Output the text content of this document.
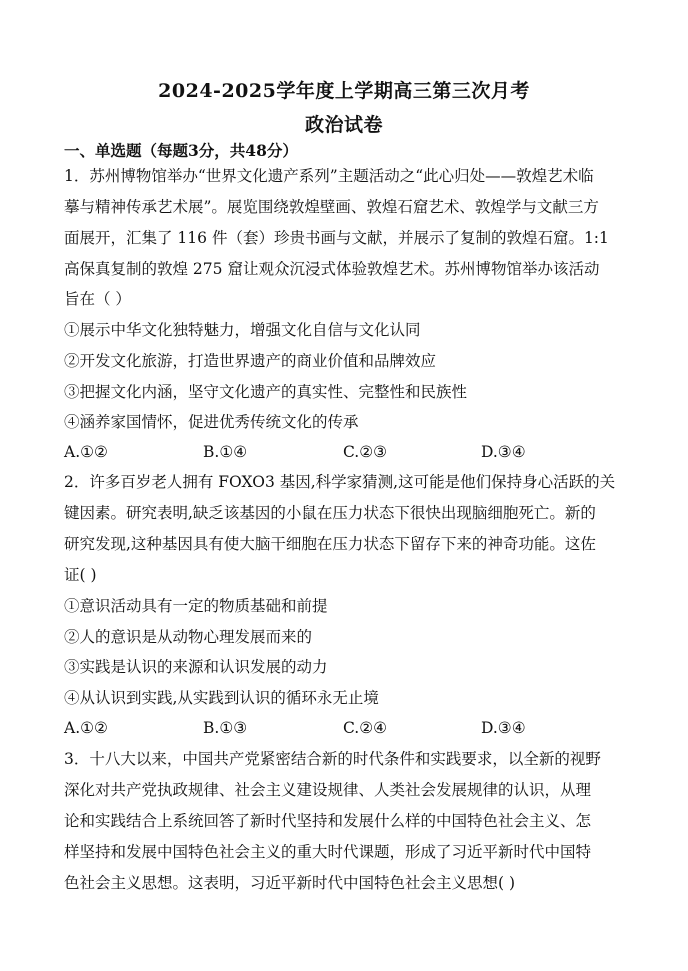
2024-2025学年度上学期高三第三次月考
政治试卷
一、单选题（每题3分，共48分）
1．苏州博物馆举办“世界文化遗产系列”主题活动之“此心归处——敦煌艺术临
摹与精神传承艺术展”。展览围绕敦煌壁画、敦煌石窟艺术、敦煌学与文献三方
面展开，汇集了 116 件（套）珍贵书画与文献，并展示了复制的敦煌石窟。1:1
高保真复制的敦煌 275 窟让观众沉浸式体验敦煌艺术。苏州博物馆举办该活动
旨在（ ）
①展示中华文化独特魅力，增强文化自信与文化认同
②开发文化旅游，打造世界遗产的商业价值和品牌效应
③把握文化内涵，坚守文化遗产的真实性、完整性和民族性
④涵养家国情怀，促进优秀传统文化的传承
A.①②	B.①④	C.②③	D.③④
2．许多百岁老人拥有 FOXO3 基因,科学家猜测,这可能是他们保持身心活跃的关
键因素。研究表明,缺乏该基因的小鼠在压力状态下很快出现脑细胞死亡。新的
研究发现,这种基因具有使大脑干细胞在压力状态下留存下来的神奇功能。这佐
证( )
①意识活动具有一定的物质基础和前提
②人的意识是从动物心理发展而来的
③实践是认识的来源和认识发展的动力
④从认识到实践,从实践到认识的循环永无止境
A.①②	B.①③	C.②④	D.③④
3．十八大以来，中国共产党紧密结合新的时代条件和实践要求，以全新的视野
深化对共产党执政规律、社会主义建设规律、人类社会发展规律的认识，从理
论和实践结合上系统回答了新时代坚持和发展什么样的中国特色社会主义、怎
样坚持和发展中国特色社会主义的重大时代课题，形成了习近平新时代中国特
色社会主义思想。这表明，习近平新时代中国特色社会主义思想( )
